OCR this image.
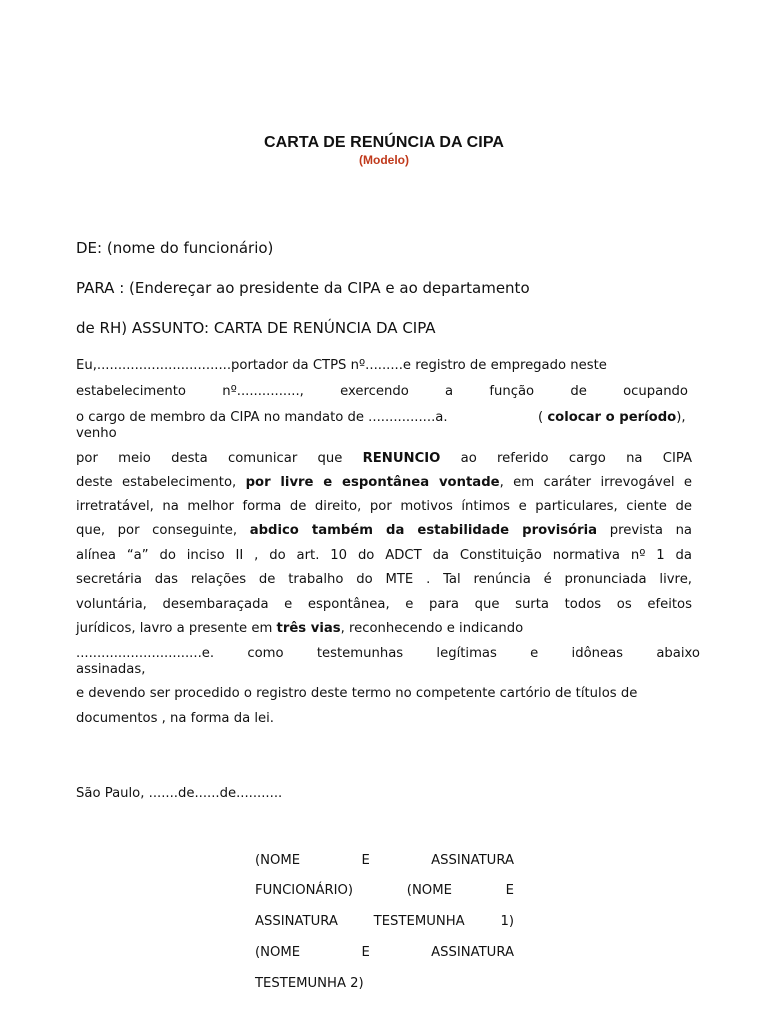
CARTA DE RENÚNCIA DA CIPA
(Modelo)
DE: (nome do funcionário)
PARA : (Endereçar ao presidente da CIPA e ao departamento
de RH) ASSUNTO: CARTA DE RENÚNCIA DA CIPA
Eu,................................portador da CTPS nº.........e registro de empregado neste
estabelecimento nº..............., exercendo a função de ocupando
o cargo de membro da CIPA no mandato de ................a.	( colocar o período),
venho
por meio desta comunicar que RENUNCIO ao referido cargo na CIPA
deste estabelecimento, por livre e espontânea vontade, em caráter irrevogável e
irretratável, na melhor forma de direito, por motivos íntimos e particulares, ciente de
que, por conseguinte, abdico também da estabilidade provisória prevista na
alínea “a” do inciso II , do art. 10 do ADCT da Constituição normativa nº 1 da
secretária das relações de trabalho do MTE . Tal renúncia é pronunciada livre,
voluntária, desembaraçada e espontânea, e para que surta todos os efeitos
jurídicos, lavro a presente em três vias, reconhecendo e indicando
..............................e. como testemunhas legítimas e idôneas abaixo
assinadas,
e devendo ser procedido o registro deste termo no competente cartório de títulos de
documentos , na forma da lei.
São Paulo, .......de......de...........
(NOME E ASSINATURA
FUNCIONÁRIO) (NOME E
ASSINATURA TESTEMUNHA 1)
(NOME E ASSINATURA
TESTEMUNHA 2)
